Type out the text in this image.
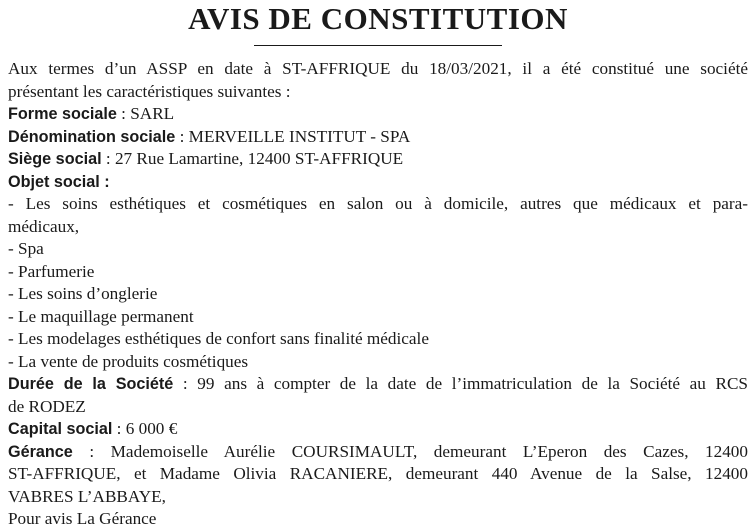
AVIS DE CONSTITUTION
Aux termes d’un ASSP en date à ST-AFFRIQUE du 18/03/2021, il a été constitué une société
présentant les caractéristiques suivantes :
Forme sociale : SARL
Dénomination sociale : MERVEILLE INSTITUT - SPA
Siège social : 27 Rue Lamartine, 12400 ST-AFFRIQUE
Objet social :
- Les soins esthétiques et cosmétiques en salon ou à domicile, autres que médicaux et para-
médicaux,
- Spa
- Parfumerie
- Les soins d’onglerie
- Le maquillage permanent
- Les modelages esthétiques de confort sans finalité médicale
- La vente de produits cosmétiques
Durée de la Société : 99 ans à compter de la date de l’immatriculation de la Société au RCS
de RODEZ
Capital social : 6 000 €
Gérance : Mademoiselle Aurélie COURSIMAULT, demeurant L’Eperon des Cazes, 12400
ST-AFFRIQUE, et Madame Olivia RACANIERE, demeurant 440 Avenue de la Salse, 12400
VABRES L’ABBAYE,
Pour avis La Gérance
